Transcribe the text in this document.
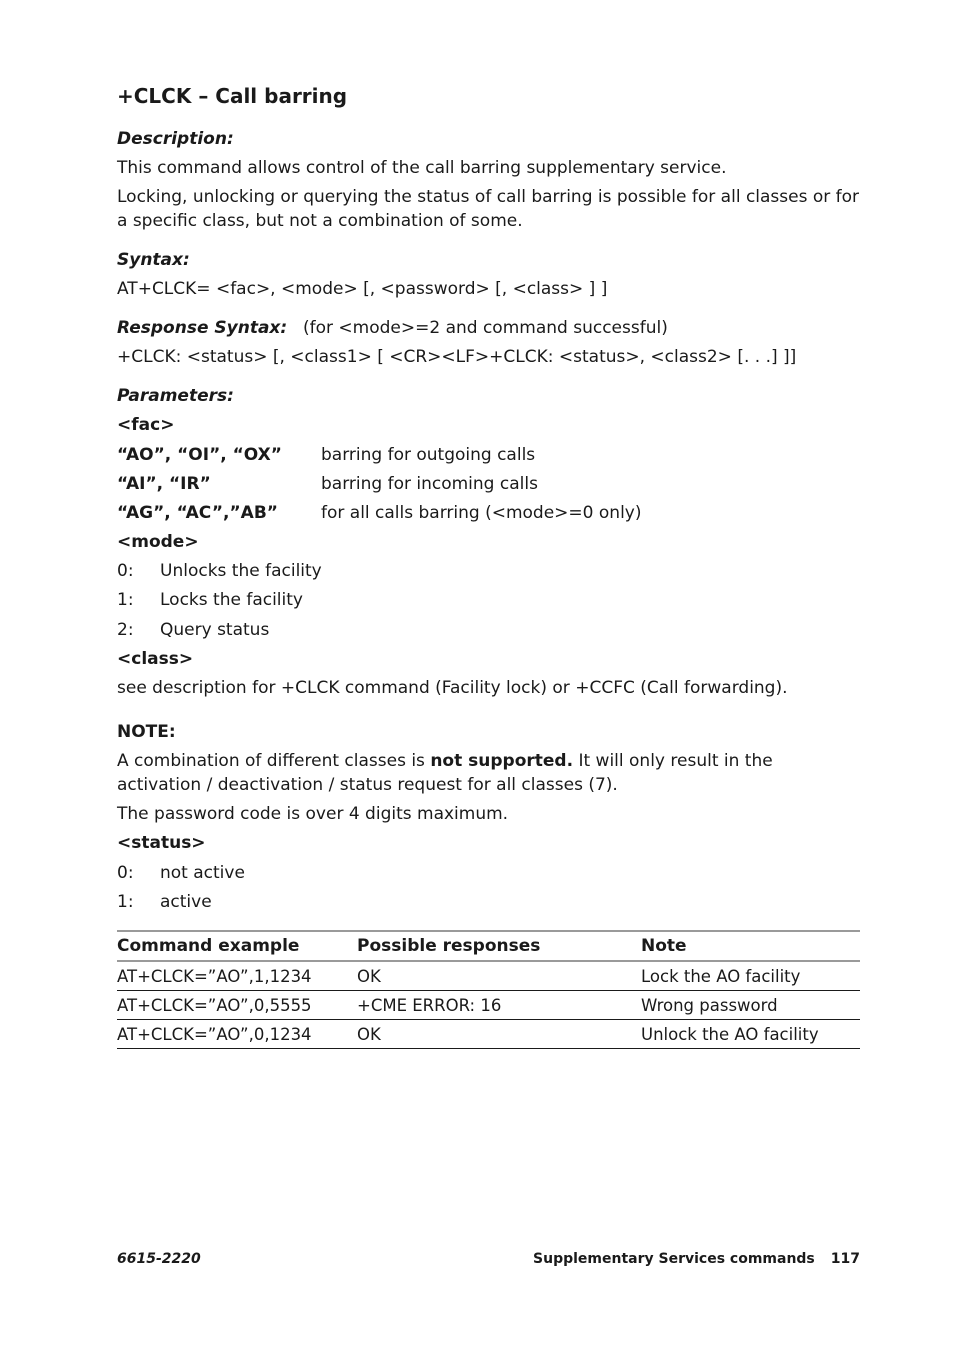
+CLCK – Call barring
Description:
This command allows control of the call barring supplementary service.
Locking, unlocking or querying the status of call barring is possible for all classes or for a specific class, but not a combination of some.
Syntax:
AT+CLCK= <fac>, <mode> [, <password> [, <class> ] ]
Response Syntax: (for <mode>=2 and command successful)
+CLCK: <status> [, <class1> [ <CR><LF>+CLCK: <status>, <class2> [. . .] ]]
Parameters:
<fac>
“AO”, “OI”, “OX” barring for outgoing calls
“AI”, “IR”	barring for incoming calls
“AG”, “AC”,”AB”	for all calls barring (<mode>=0 only)
<mode>
0: Unlocks the facility
1: Locks the facility
2: Query status
<class>
see description for +CLCK command (Facility lock) or +CCFC (Call forwarding).
NOTE:
A combination of different classes is not supported. It will only result in the activation / deactivation / status request for all classes (7).
The password code is over 4 digits maximum.
<status>
0: not active
1: active
Command example	Possible responses	Note
AT+CLCK=”AO”,1,1234	OK	Lock the AO facility
AT+CLCK=”AO”,0,5555	+CME ERROR: 16	Wrong password
AT+CLCK=”AO”,0,1234	OK	Unlock the AO facility
6615-2220	Supplementary Services commands 117
